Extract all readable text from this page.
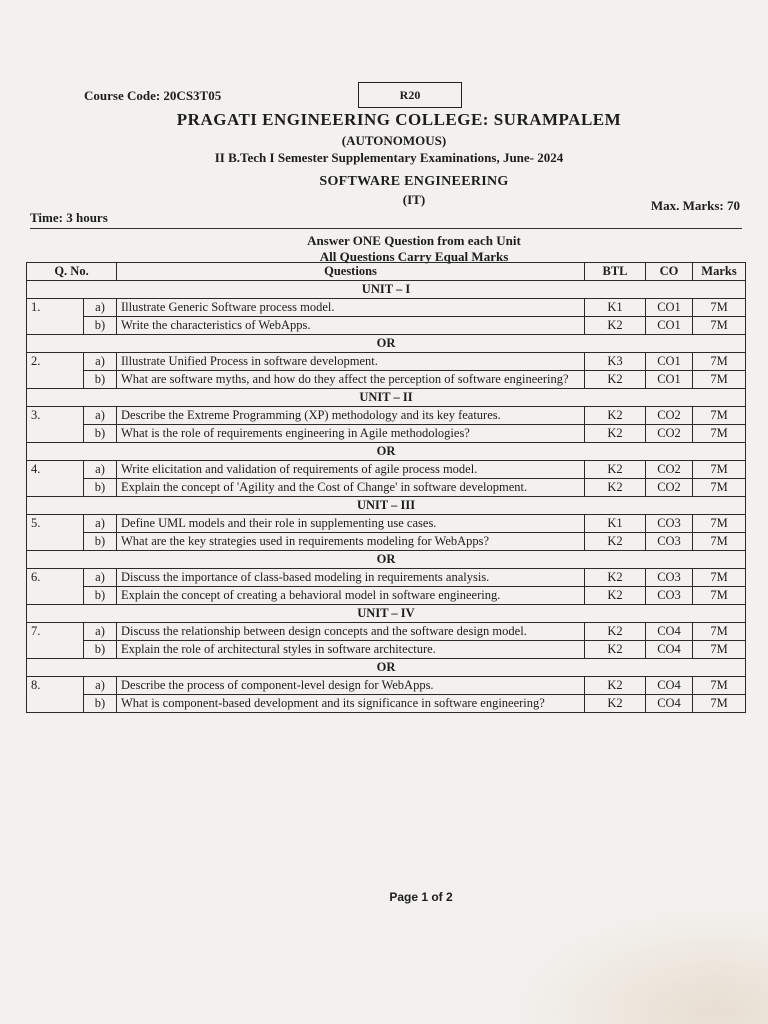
Course Code: 20CS3T05	R20
PRAGATI ENGINEERING COLLEGE: SURAMPALEM
(AUTONOMOUS)
II B.Tech I Semester Supplementary Examinations, June- 2024
SOFTWARE ENGINEERING
(IT)
Time: 3 hours
Max. Marks: 70
Answer ONE Question from each Unit
All Questions Carry Equal Marks
Q. No.		Questions	BTL	CO	Marks
UNIT – I					
1.	a)	Illustrate Generic Software process model.	K1	CO1	7M
	b)	Write the characteristics of WebApps.	K2	CO1	7M
OR					
2.	a)	Illustrate Unified Process in software development.	K3	CO1	7M
	b)	What are software myths, and how do they affect the perception of software engineering?	K2	CO1	7M
UNIT – II					
3.	a)	Describe the Extreme Programming (XP) methodology and its key features.	K2	CO2	7M
	b)	What is the role of requirements engineering in Agile methodologies?	K2	CO2	7M
OR					
4.	a)	Write elicitation and validation of requirements of agile process model.	K2	CO2	7M
	b)	Explain the concept of 'Agility and the Cost of Change' in software development.	K2	CO2	7M
UNIT – III					
5.	a)	Define UML models and their role in supplementing use cases.	K1	CO3	7M
	b)	What are the key strategies used in requirements modeling for WebApps?	K2	CO3	7M
OR					
6.	a)	Discuss the importance of class-based modeling in requirements analysis.	K2	CO3	7M
	b)	Explain the concept of creating a behavioral model in software engineering.	K2	CO3	7M
UNIT – IV					
7.	a)	Discuss the relationship between design concepts and the software design model.	K2	CO4	7M
	b)	Explain the role of architectural styles in software architecture.	K2	CO4	7M
OR					
8.	a)	Describe the process of component-level design for WebApps.	K2	CO4	7M
	b)	What is component-based development and its significance in software engineering?	K2	CO4	7M
Page 1 of 2
